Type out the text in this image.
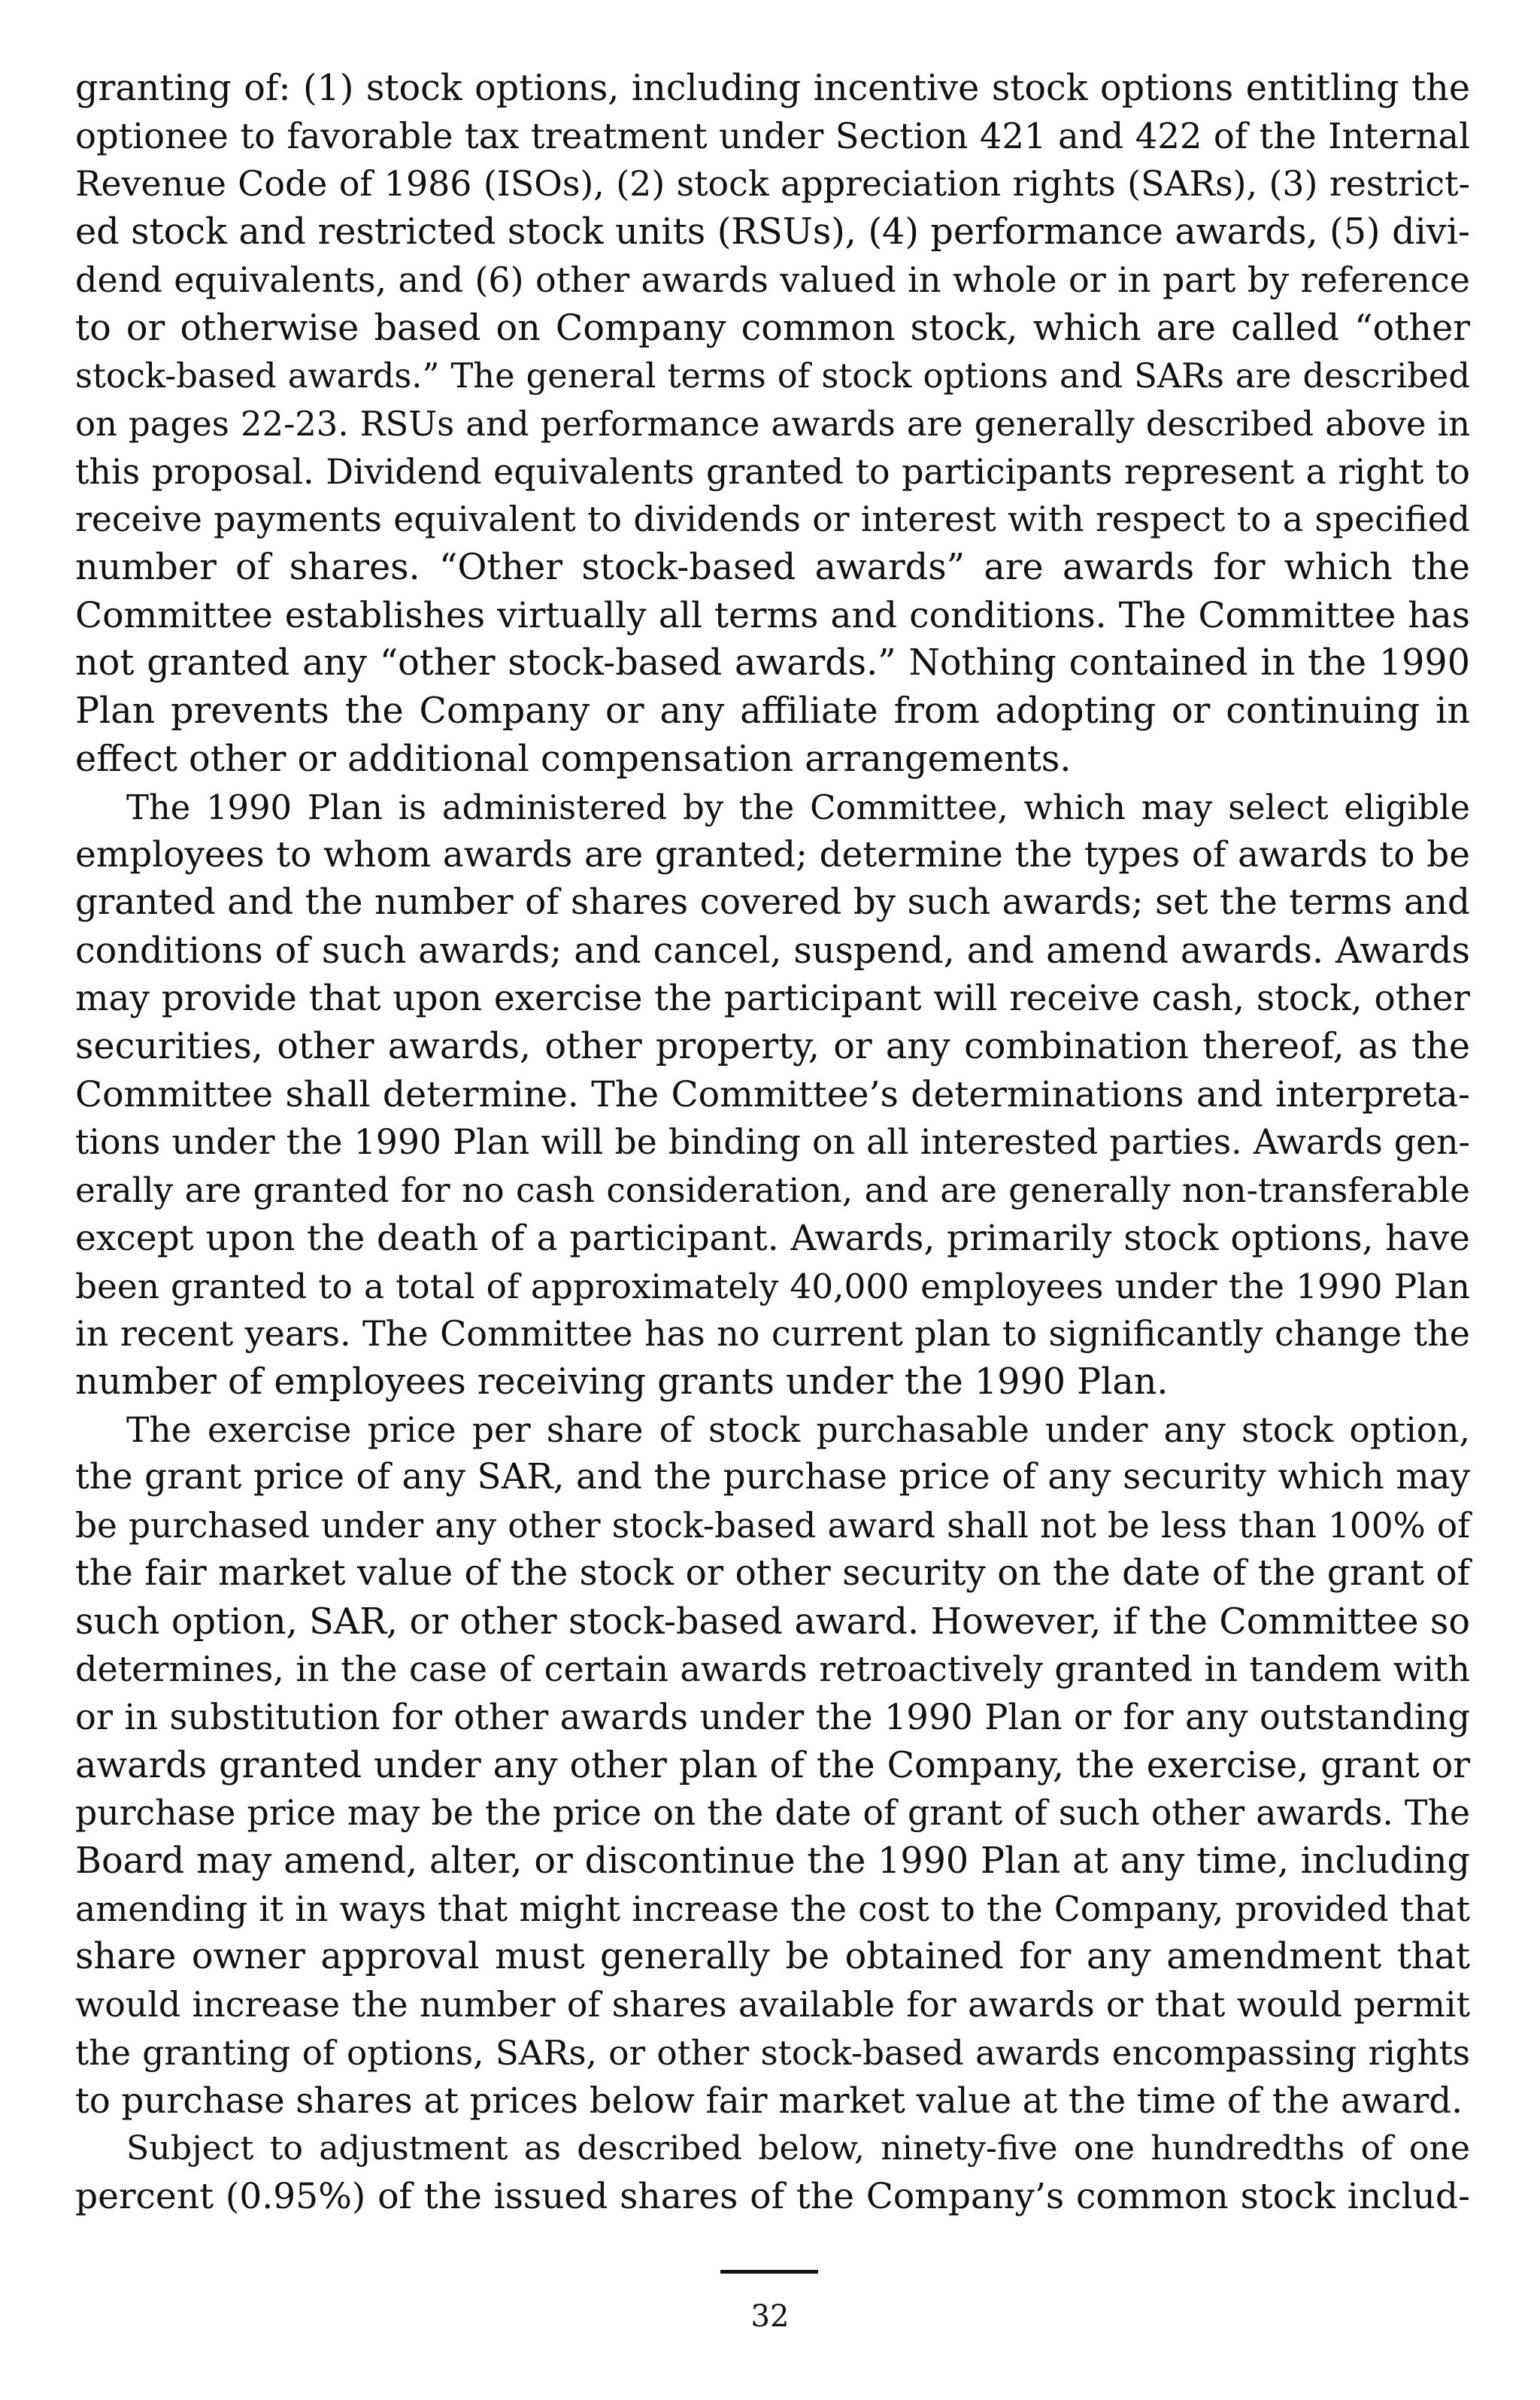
granting of: (1) stock options, including incentive stock options entitling the
optionee to favorable tax treatment under Section 421 and 422 of the Internal
Revenue Code of 1986 (ISOs), (2) stock appreciation rights (SARs), (3) restrict-
ed stock and restricted stock units (RSUs), (4) performance awards, (5) divi-
dend equivalents, and (6) other awards valued in whole or in part by reference
to or otherwise based on Company common stock, which are called “other
stock-based awards.” The general terms of stock options and SARs are described
on pages 22-23. RSUs and performance awards are generally described above in
this proposal. Dividend equivalents granted to participants represent a right to
receive payments equivalent to dividends or interest with respect to a specified
number of shares. “Other stock-based awards” are awards for which the
Committee establishes virtually all terms and conditions. The Committee has
not granted any “other stock-based awards.” Nothing contained in the 1990
Plan prevents the Company or any affiliate from adopting or continuing in
effect other or additional compensation arrangements.

The 1990 Plan is administered by the Committee, which may select eligible
employees to whom awards are granted; determine the types of awards to be
granted and the number of shares covered by such awards; set the terms and
conditions of such awards; and cancel, suspend, and amend awards. Awards
may provide that upon exercise the participant will receive cash, stock, other
securities, other awards, other property, or any combination thereof, as the
Committee shall determine. The Committee’s determinations and interpreta-
tions under the 1990 Plan will be binding on all interested parties. Awards gen-
erally are granted for no cash consideration, and are generally non-transferable
except upon the death of a participant. Awards, primarily stock options, have
been granted to a total of approximately 40,000 employees under the 1990 Plan
in recent years. The Committee has no current plan to significantly change the
number of employees receiving grants under the 1990 Plan.

The exercise price per share of stock purchasable under any stock option,
the grant price of any SAR, and the purchase price of any security which may
be purchased under any other stock-based award shall not be less than 100% of
the fair market value of the stock or other security on the date of the grant of
such option, SAR, or other stock-based award. However, if the Committee so
determines, in the case of certain awards retroactively granted in tandem with
or in substitution for other awards under the 1990 Plan or for any outstanding
awards granted under any other plan of the Company, the exercise, grant or
purchase price may be the price on the date of grant of such other awards. The
Board may amend, alter, or discontinue the 1990 Plan at any time, including
amending it in ways that might increase the cost to the Company, provided that
share owner approval must generally be obtained for any amendment that
would increase the number of shares available for awards or that would permit
the granting of options, SARs, or other stock-based awards encompassing rights
to purchase shares at prices below fair market value at the time of the award.

Subject to adjustment as described below, ninety-five one hundredths of one
percent (0.95%) of the issued shares of the Company’s common stock includ-

32
